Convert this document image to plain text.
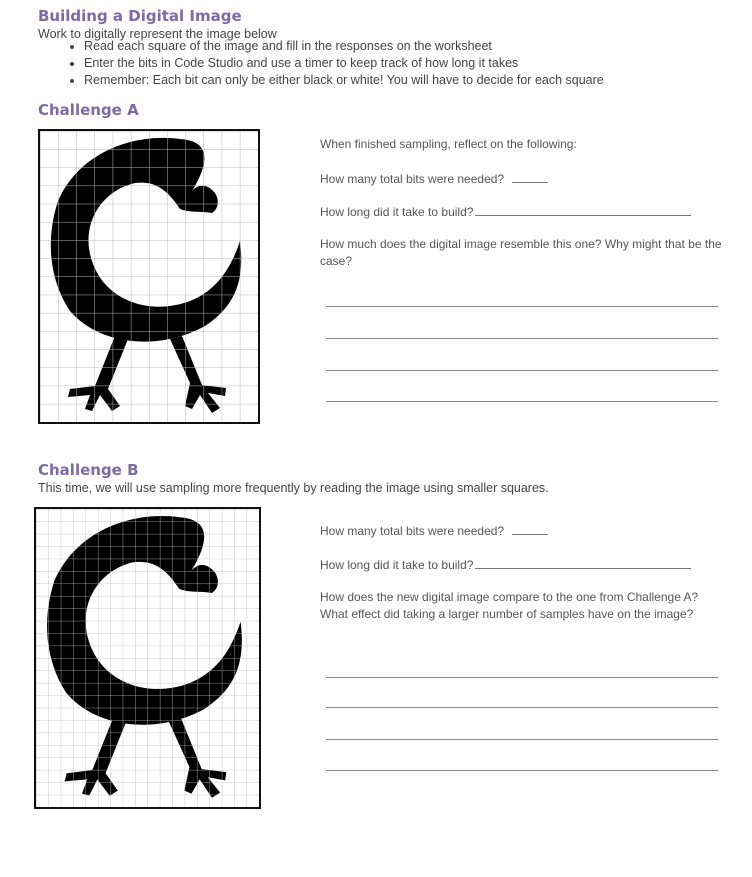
Building a Digital Image
Work to digitally represent the image below
• Read each square of the image and fill in the responses on the worksheet
• Enter the bits in Code Studio and use a timer to keep track of how long it takes
• Remember: Each bit can only be either black or white! You will have to decide for each square
Challenge A
When finished sampling, reflect on the following:
How many total bits were needed?
How long did it take to build?
How much does the digital image resemble this one? Why might that be the case?
Challenge B
This time, we will use sampling more frequently by reading the image using smaller squares.
How many total bits were needed?
How long did it take to build?
How does the new digital image compare to the one from Challenge A? What effect did taking a larger number of samples have on the image?
